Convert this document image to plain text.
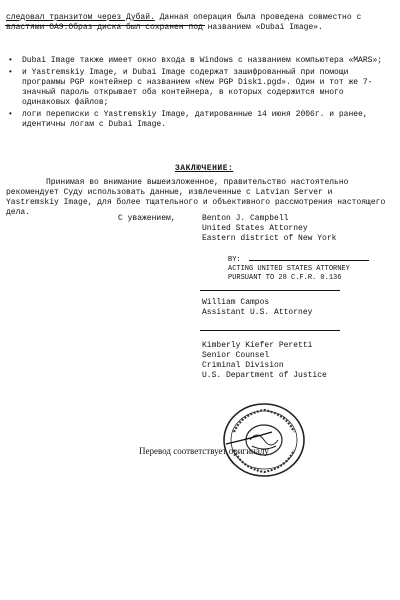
следовал транзитом через Дубай. Данная операция была проведена совместно с властями ОАЭ.Образ диска был сохранен под названием «Dubai Image».
• Dubai Image также имеет окно входа в Windows с названием компьютера «MARS»;
• и Yastremskiy Image, и Dubai Image содержат зашифрованный при помощи программы PGP контейнер с названием «New PGP Disk1.pgd». Один и тот же 7-значный пароль открывает оба контейнера, в которых содержится много одинаковых файлов;
• логи переписки с Yastremskiy Image, датированные 14 июня 2006г. и ранее, идентичны логам с Dubai Image.
ЗАКЛЮЧЕНИЕ:
Принимая во внимание вышеизложенное, правительство настоятельно рекомендует Суду использовать данные, извлеченные с Latvian Server и Yastremskiy Image, для более тщательного и объективного рассмотрения настоящего дела.
С уважением,	Benton J. Campbell
United States Attorney
Eastern district of New York
BY:
ACTING UNITED STATES ATTORNEY
PURSUANT TO 28 C.F.R. 0.136
William Campos
Assistant U.S. Attorney
Kimberly Kiefer Peretti
Senior Counsel
Criminal Division
U.S. Department of Justice
Перевод соответствует оригиналу
